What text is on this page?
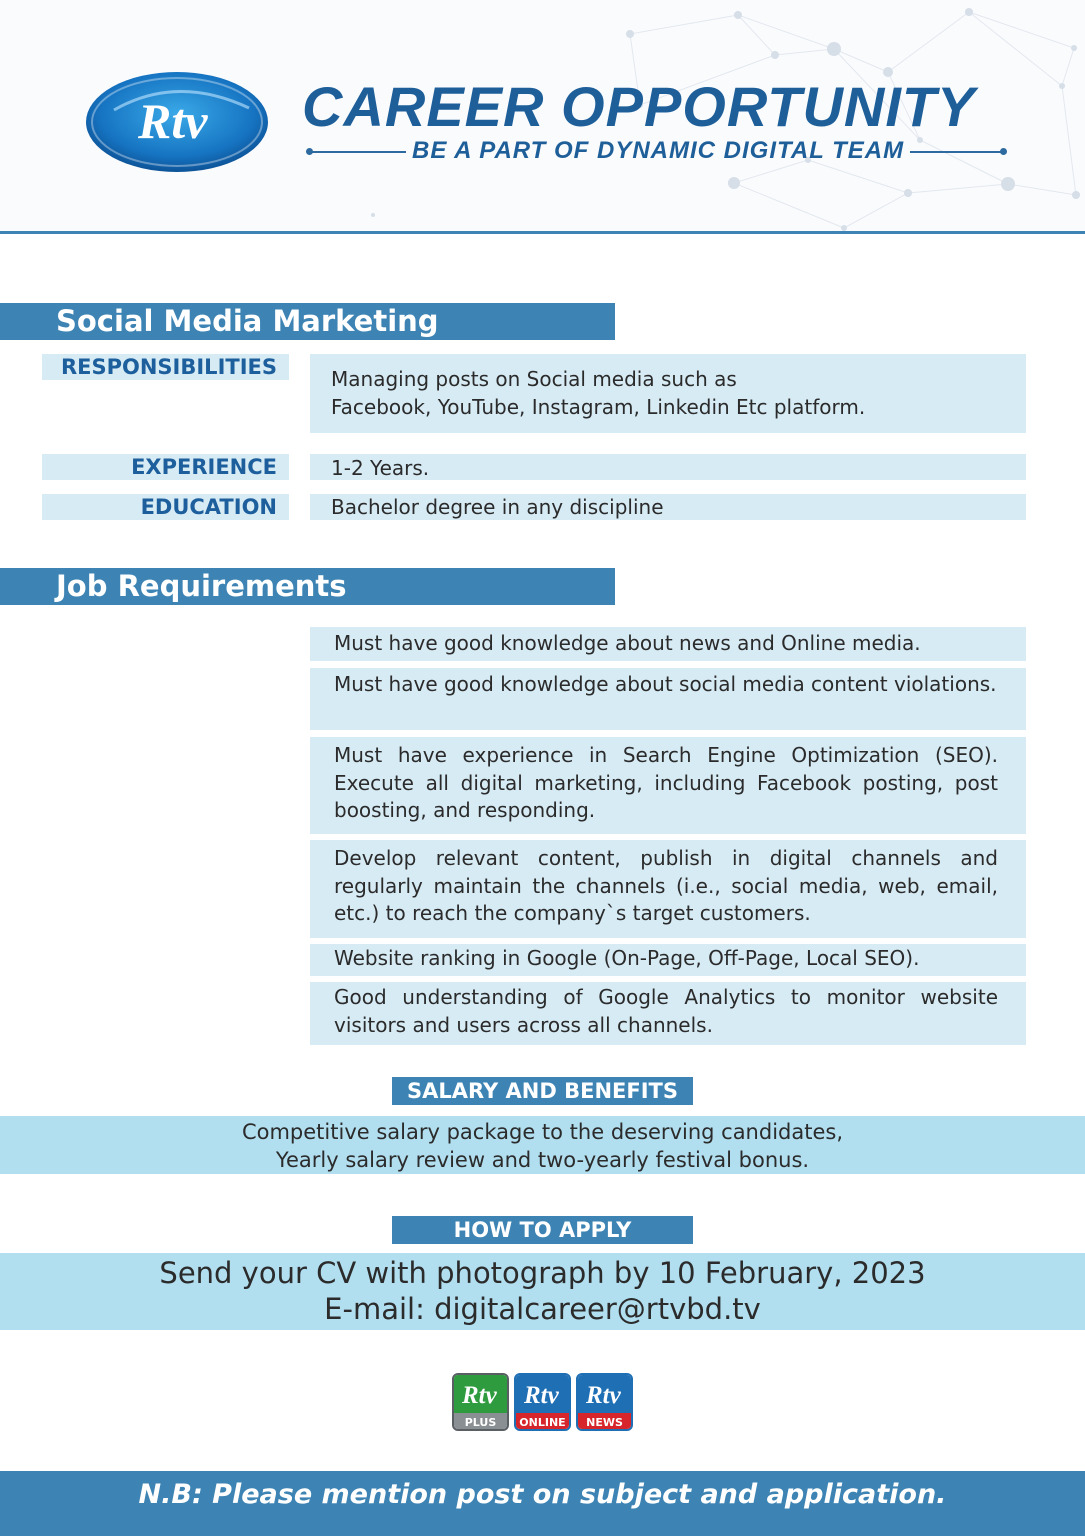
Rtv CAREER OPPORTUNITY
BE A PART OF DYNAMIC DIGITAL TEAM
Social Media Marketing
RESPONSIBILITIES	Managing posts on Social media such as
Facebook, YouTube, Instagram, Linkedin Etc platform.
EXPERIENCE	1-2 Years.
EDUCATION	Bachelor degree in any discipline
Job Requirements
Must have good knowledge about news and Online media.
Must have good knowledge about social media content violations.
Must have experience in Search Engine Optimization (SEO). Execute all digital marketing, including Facebook posting, post boosting, and responding.
Develop relevant content, publish in digital channels and regularly maintain the channels (i.e., social media, web, email, etc.) to reach the company`s target customers.
Website ranking in Google (On-Page, Off-Page, Local SEO).
Good understanding of Google Analytics to monitor website visitors and users across all channels.
SALARY AND BENEFITS
Competitive salary package to the deserving candidates,
Yearly salary review and two-yearly festival bonus.
HOW TO APPLY
Send your CV with photograph by 10 February, 2023
E-mail: digitalcareer@rtvbd.tv
Rtv
PLUS
Rtv
ONLINE
Rtv
NEWS
N.B: Please mention post on subject and application.
